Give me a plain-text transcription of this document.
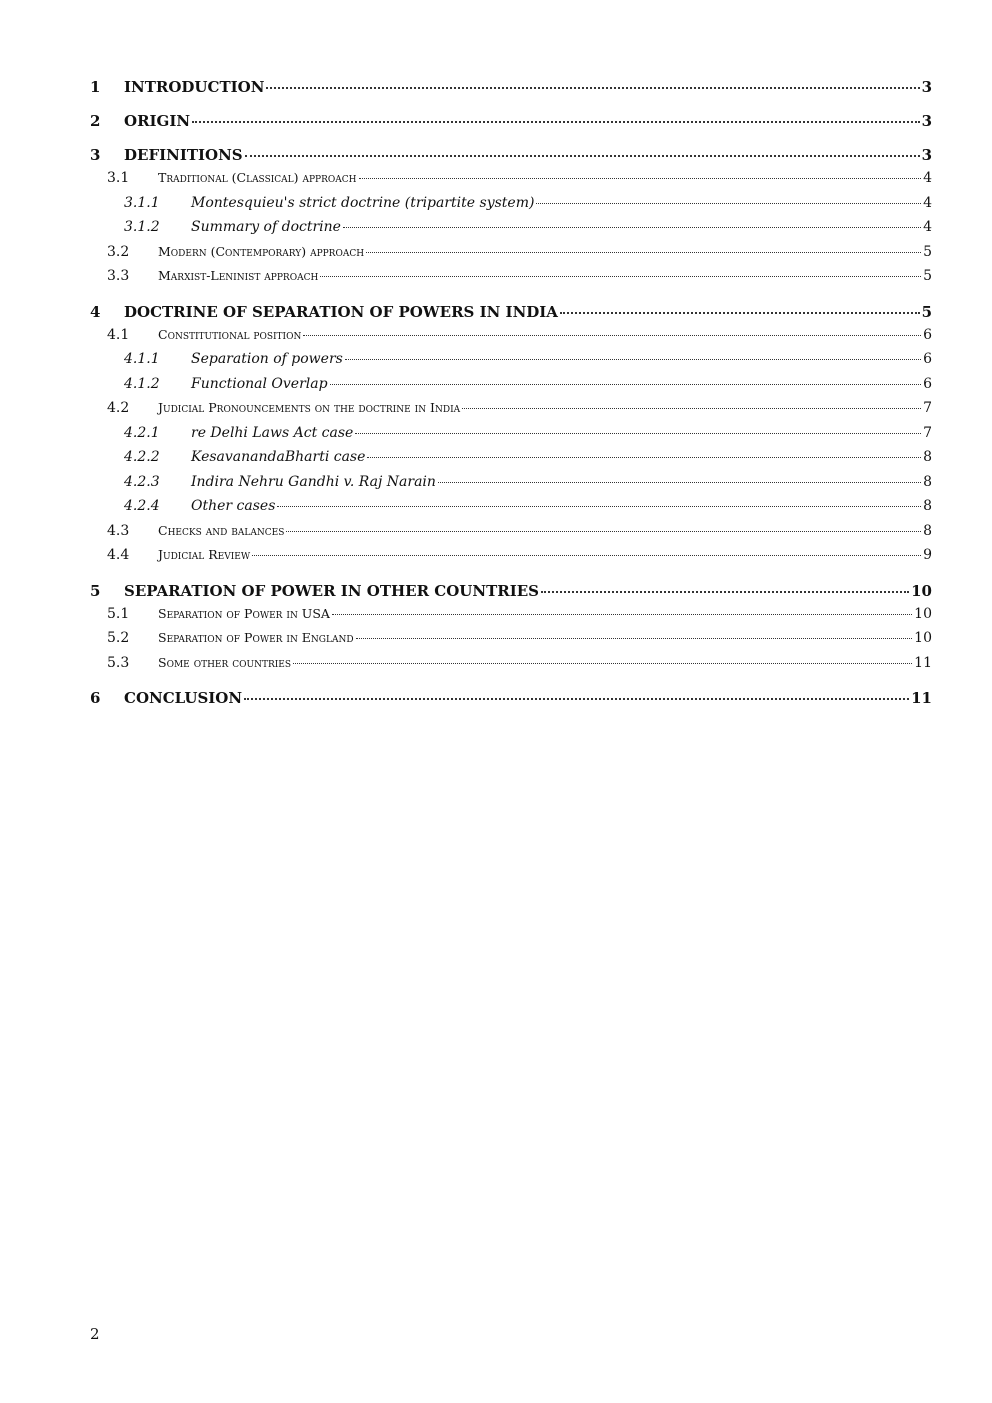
1	INTRODUCTION	3
2	ORIGIN	3
3	DEFINITIONS	3
3.1	Traditional (Classical) approach	4
3.1.1	Montesquieu's strict doctrine (tripartite system)	4
3.1.2	Summary of doctrine	4
3.2	Modern (Contemporary) approach	5
3.3	Marxist-Leninist approach	5
4	DOCTRINE OF SEPARATION OF POWERS IN INDIA	5
4.1	Constitutional position	6
4.1.1	Separation of powers	6
4.1.2	Functional Overlap	6
4.2	Judicial Pronouncements on the doctrine in India	7
4.2.1	re Delhi Laws Act case	7
4.2.2	KesavanandaBharti case	8
4.2.3	Indira Nehru Gandhi v. Raj Narain	8
4.2.4	Other cases	8
4.3	Checks and balances	8
4.4	Judicial Review	9
5	SEPARATION OF POWER IN OTHER COUNTRIES	10
5.1	Separation of Power in USA	10
5.2	Separation of Power in England	10
5.3	Some other countries	11
6	CONCLUSION	11
2
